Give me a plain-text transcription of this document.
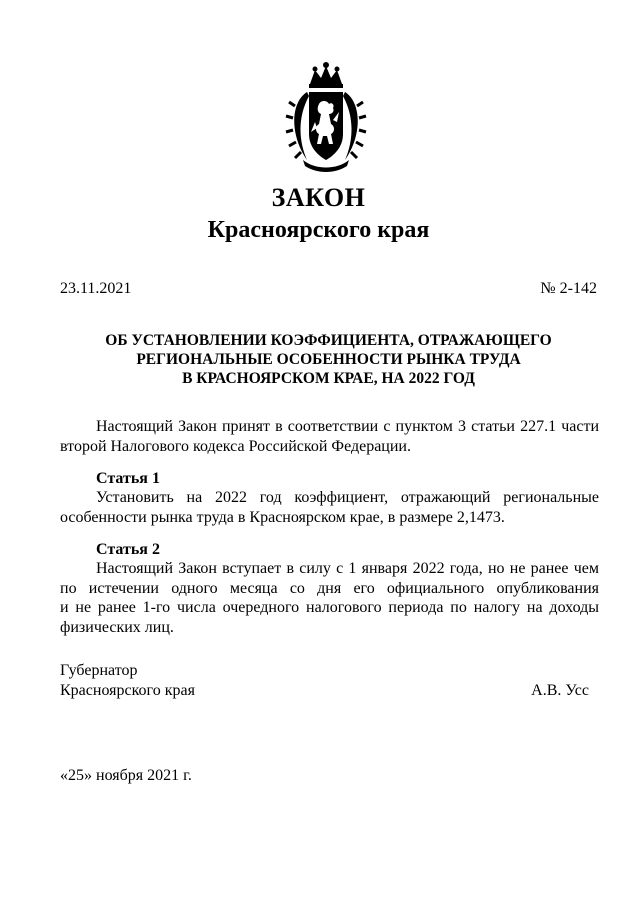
ЗАКОН
Красноярского края
23.11.2021	№ 2-142
ОБ УСТАНОВЛЕНИИ КОЭФФИЦИЕНТА, ОТРАЖАЮЩЕГО
РЕГИОНАЛЬНЫЕ ОСОБЕННОСТИ РЫНКА ТРУДА
В КРАСНОЯРСКОМ КРАЕ, НА 2022 ГОД
Настоящий Закон принят в соответствии с пунктом 3 статьи 227.1 части
второй Налогового кодекса Российской Федерации.
Статья 1
Установить на 2022 год коэффициент, отражающий региональные
особенности рынка труда в Красноярском крае, в размере 2,1473.
Статья 2
Настоящий Закон вступает в силу с 1 января 2022 года, но не ранее чем
по истечении одного месяца со дня его официального опубликования
и не ранее 1-го числа очередного налогового периода по налогу на доходы
физических лиц.
Губернатор
Красноярского края	А.В. Усс
«25» ноября 2021 г.
